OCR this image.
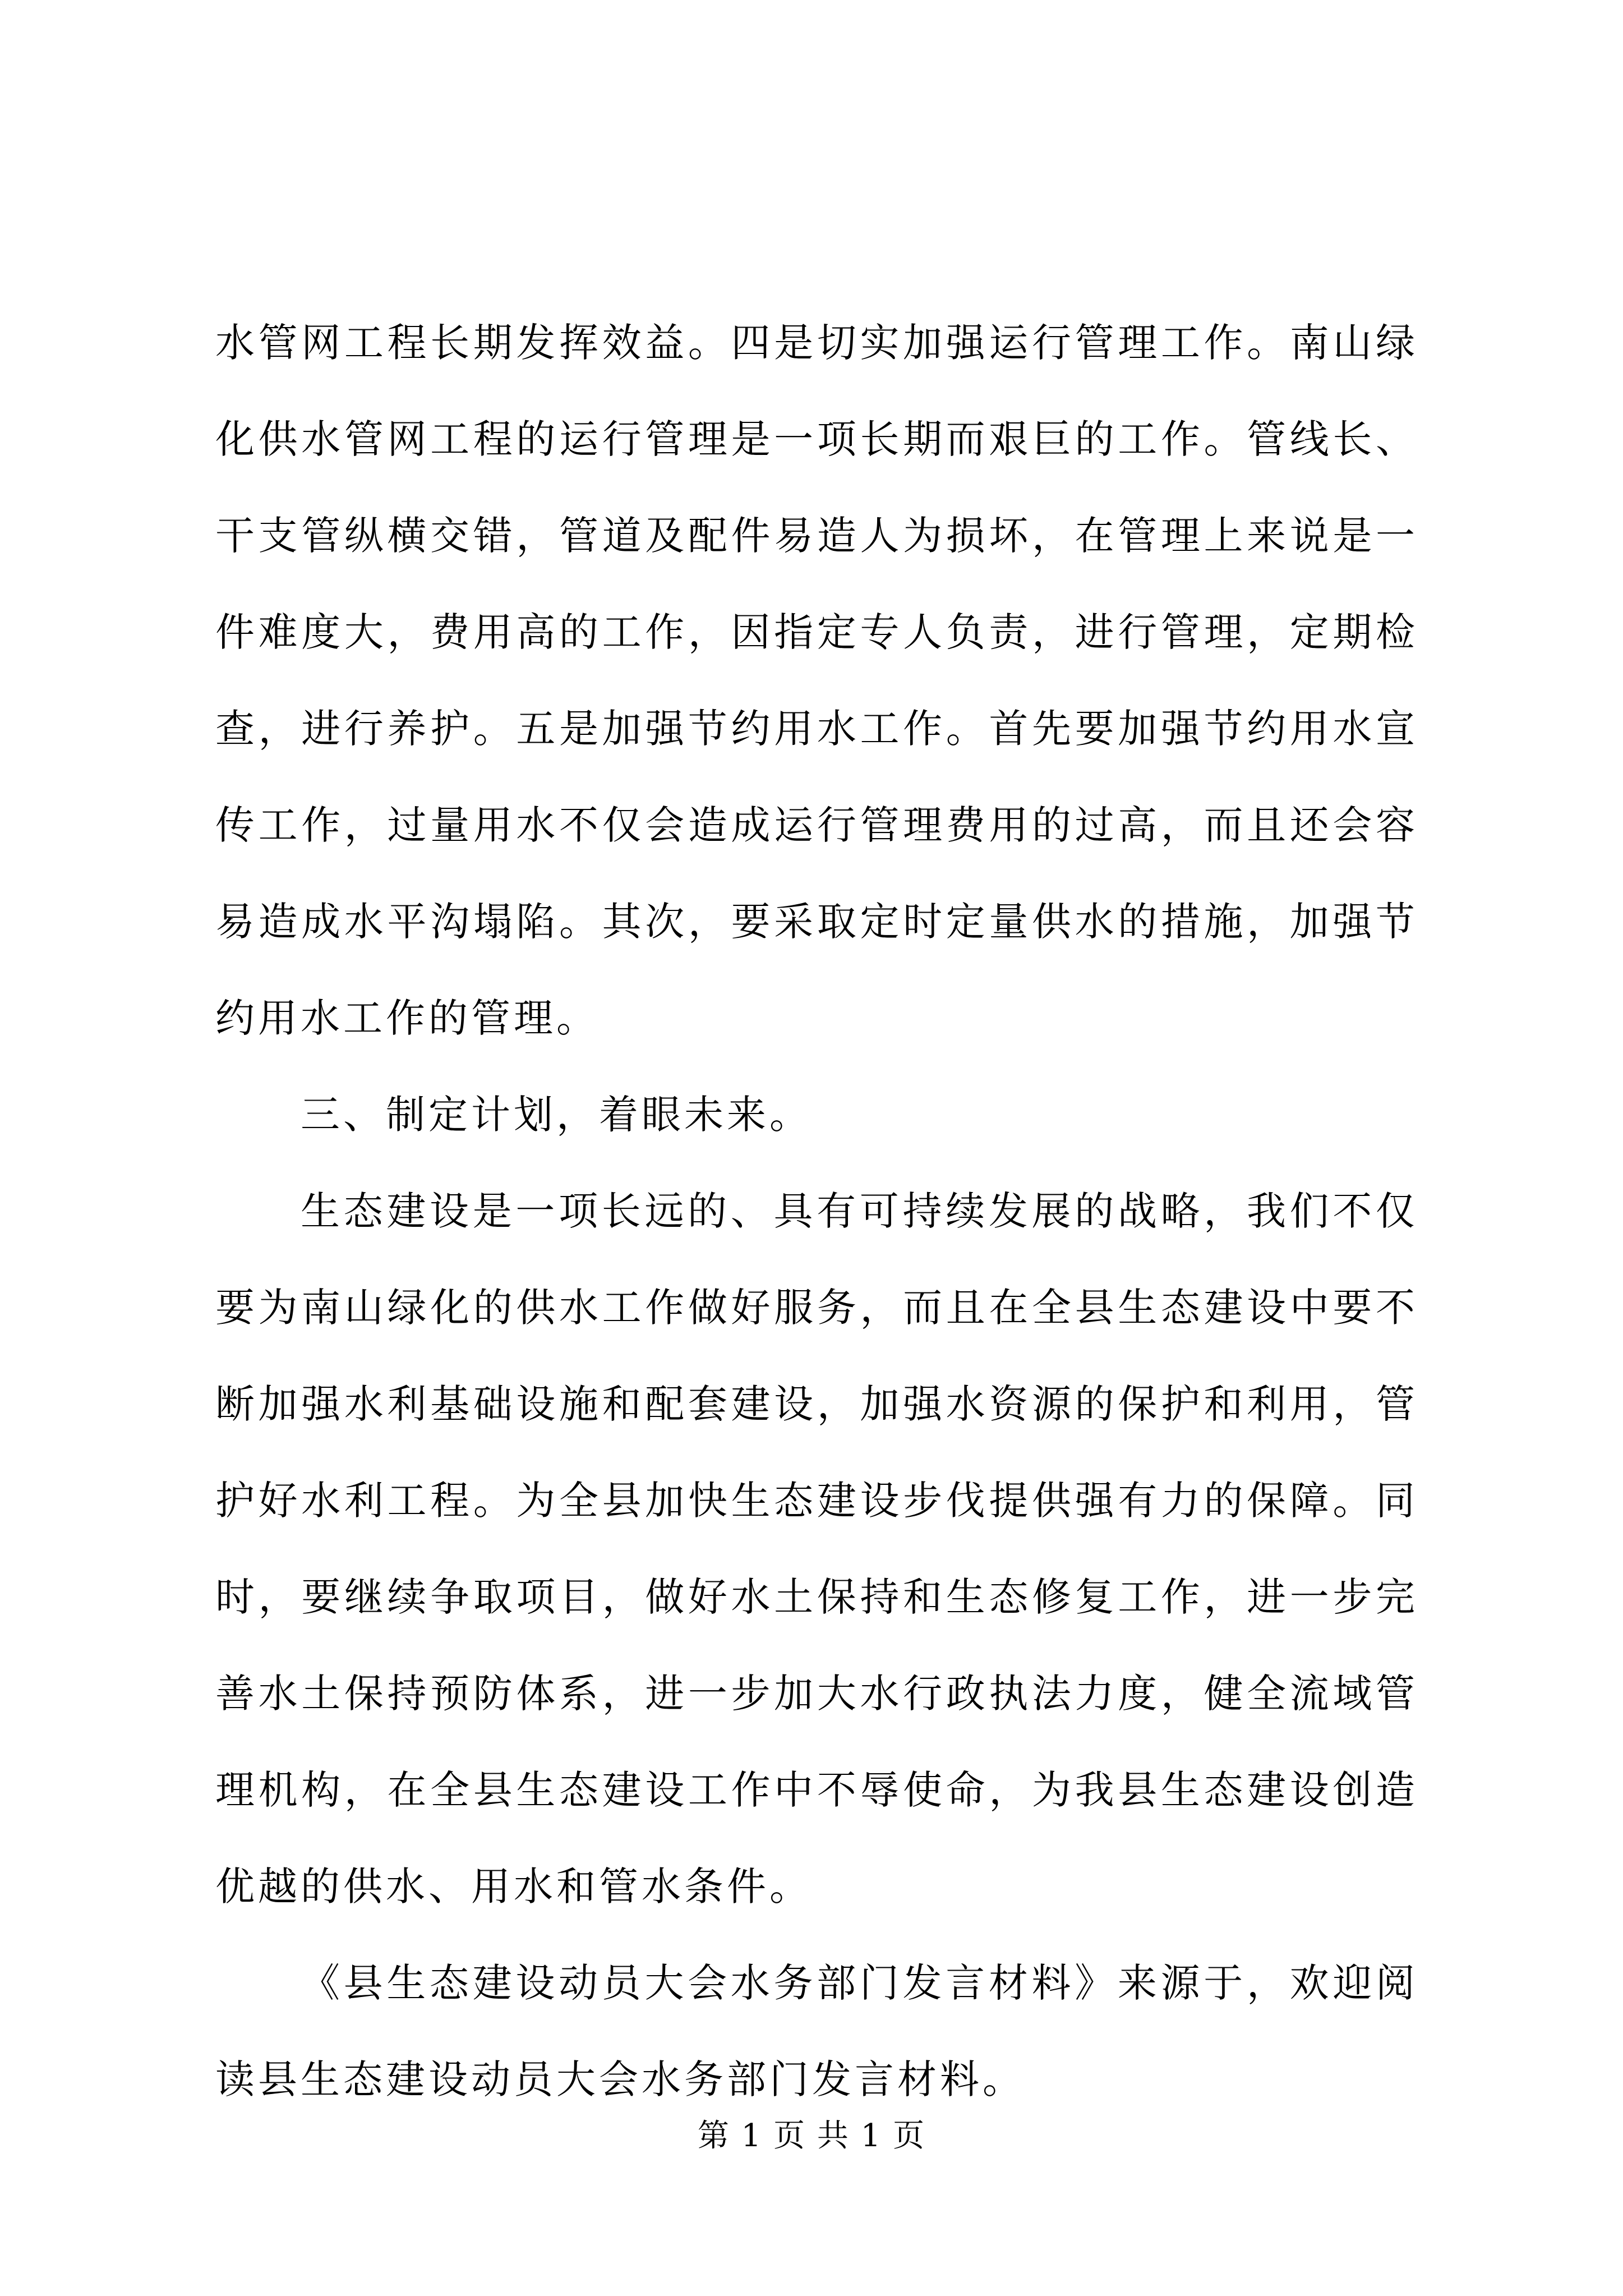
水管网工程长期发挥效益。四是切实加强运行管理工作。南山绿化供水管网工程的运行管理是一项长期而艰巨的工作。管线长、干支管纵横交错，管道及配件易造人为损坏，在管理上来说是一件难度大，费用高的工作，因指定专人负责，进行管理，定期检查，进行养护。五是加强节约用水工作。首先要加强节约用水宣传工作，过量用水不仅会造成运行管理费用的过高，而且还会容易造成水平沟塌陷。其次，要采取定时定量供水的措施，加强节约用水工作的管理。

三、制定计划，着眼未来。

生态建设是一项长远的、具有可持续发展的战略，我们不仅要为南山绿化的供水工作做好服务，而且在全县生态建设中要不断加强水利基础设施和配套建设，加强水资源的保护和利用，管护好水利工程。为全县加快生态建设步伐提供强有力的保障。同时，要继续争取项目，做好水土保持和生态修复工作，进一步完善水土保持预防体系，进一步加大水行政执法力度，健全流域管理机构，在全县生态建设工作中不辱使命，为我县生态建设创造优越的供水、用水和管水条件。

《县生态建设动员大会水务部门发言材料》来源于，欢迎阅读县生态建设动员大会水务部门发言材料。

第 1 页 共 1 页
